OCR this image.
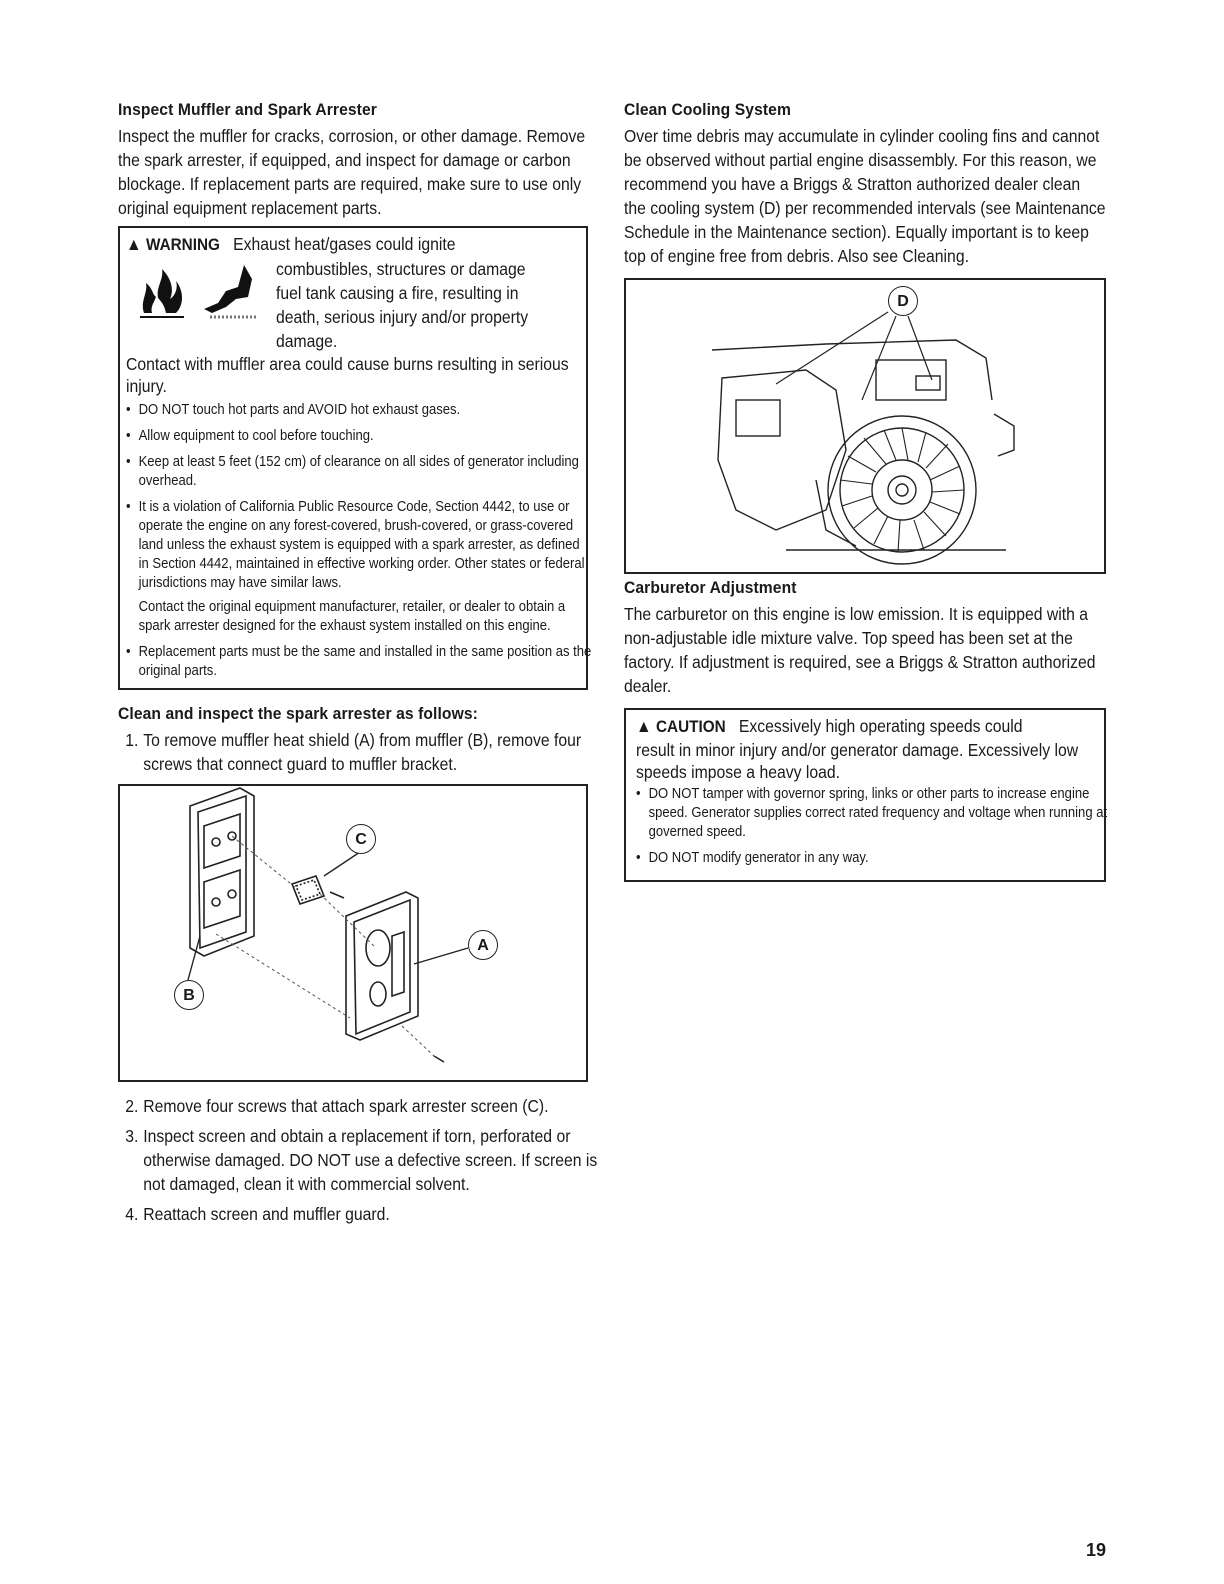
Inspect Muffler and Spark Arrester

Inspect the muffler for cracks, corrosion, or other damage. Remove the spark arrester, if equipped, and inspect for damage or carbon blockage. If replacement parts are required, make sure to use only original equipment replacement parts.

▲ WARNING Exhaust heat/gases could ignite
combustibles, structures or damage fuel tank causing a fire, resulting in death, serious injury and/or property damage.

Contact with muffler area could cause burns resulting in serious injury.

• DO NOT touch hot parts and AVOID hot exhaust gases.
• Allow equipment to cool before touching.
• Keep at least 5 feet (152 cm) of clearance on all sides of generator including overhead.
• It is a violation of California Public Resource Code, Section 4442, to use or operate the engine on any forest-covered, brush-covered, or grass-covered land unless the exhaust system is equipped with a spark arrester, as defined in Section 4442, maintained in effective working order. Other states or federal jurisdictions may have similar laws.
Contact the original equipment manufacturer, retailer, or dealer to obtain a spark arrester designed for the exhaust system installed on this engine.
• Replacement parts must be the same and installed in the same position as the original parts.
Clean and inspect the spark arrester as follows:
1. To remove muffler heat shield (A) from muffler (B), remove four screws that connect guard to muffler bracket.
C
A
B
2. Remove four screws that attach spark arrester screen (C).
3. Inspect screen and obtain a replacement if torn, perforated or otherwise damaged. DO NOT use a defective screen. If screen is not damaged, clean it with commercial solvent.
4. Reattach screen and muffler guard.
Clean Cooling System

Over time debris may accumulate in cylinder cooling fins and cannot be observed without partial engine disassembly. For this reason, we recommend you have a Briggs & Stratton authorized dealer clean the cooling system (D) per recommended intervals (see Maintenance Schedule in the Maintenance section). Equally important is to keep top of engine free from debris. Also see Cleaning.

D
Carburetor Adjustment

The carburetor on this engine is low emission. It is equipped with a non-adjustable idle mixture valve. Top speed has been set at the factory. If adjustment is required, see a Briggs & Stratton authorized dealer.

▲ CAUTION Excessively high operating speeds could

result in minor injury and/or generator damage. Excessively low speeds impose a heavy load.

• DO NOT tamper with governor spring, links or other parts to increase engine speed. Generator supplies correct rated frequency and voltage when running at governed speed.
• DO NOT modify generator in any way.
19
